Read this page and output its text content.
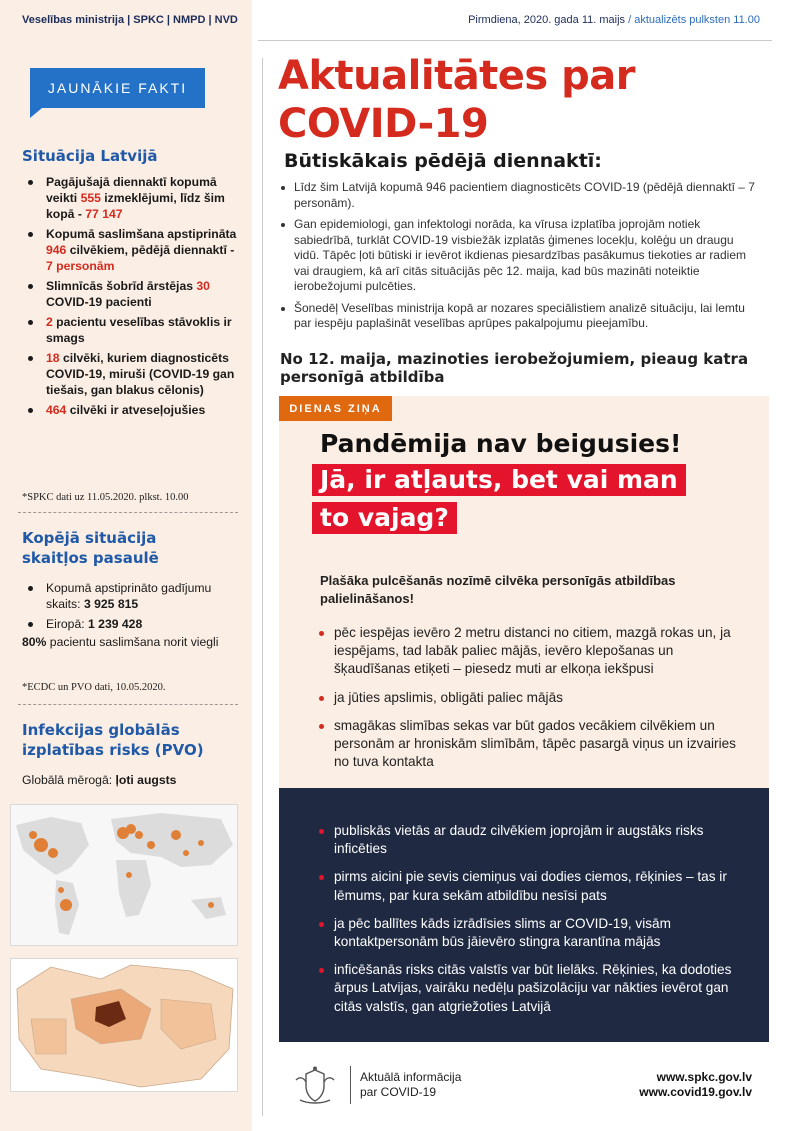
Veselības ministrija | SPKC | NMPD | NVD	Pirmdiena, 2020. gada 11. maijs / aktualizēts pulksten 11.00
JAUNĀKIE FAKTI
Situācija Latvijā
Pagājušajā diennaktī kopumā veikti 555 izmeklējumi, līdz šim kopā - 77 147
Kopumā saslimšana apstiprināta 946 cilvēkiem, pēdējā diennaktī - 7 personām
Slimnīcās šobrīd ārstējas 30 COVID-19 pacienti
2 pacientu veselības stāvoklis ir smags
18 cilvēki, kuriem diagnosticēts COVID-19, miruši (COVID-19 gan tiešais, gan blakus cēlonis)
464 cilvēki ir atveseļojušies
*SPKC dati uz 11.05.2020. plkst. 10.00
Kopējā situācija
skaitļos pasaulē
Kopumā apstiprināto gadījumu skaits: 3 925 815
Eiropā: 1 239 428
80% pacientu saslimšana norit viegli
*ECDC un PVO dati, 10.05.2020.
Infekcijas globālās
izplatības risks (PVO)
Globālā mērogā: ļoti augsts
Aktualitātes par
COVID-19
Būtiskākais pēdējā diennaktī:
Līdz šim Latvijā kopumā 946 pacientiem diagnosticēts COVID-19 (pēdējā diennaktī – 7 personām).
Gan epidemiologi, gan infektologi norāda, ka vīrusa izplatība joprojām notiek sabiedrībā, turklāt COVID-19 visbiežāk izplatās ģimenes locekļu, kolēģu un draugu vidū. Tāpēc ļoti būtiski ir ievērot ikdienas piesardzības pasākumus tiekoties ar radiem vai draugiem, kā arī citās situācijās pēc 12. maija, kad būs mazināti noteiktie ierobežojumi pulcēties.
Šonedēļ Veselības ministrija kopā ar nozares speciālistiem analizē situāciju, lai lemtu par iespēju paplašināt veselības aprūpes pakalpojumu pieejamību.
No 12. maija, mazinoties ierobežojumiem, pieaug katra personīgā atbildība
DIENAS ZIŅA
Pandēmija nav beigusies!
Jā, ir atļauts, bet vai man
to vajag?
Plašāka pulcēšanās nozīmē cilvēka personīgās atbildības palielināšanos!
pēc iespējas ievēro 2 metru distanci no citiem, mazgā rokas un, ja iespējams, tad labāk paliec mājās, ievēro klepošanas un šķaudīšanas etiķeti – piesedz muti ar elkoņa iekšpusi
ja jūties apslimis, obligāti paliec mājās
smagākas slimības sekas var būt gados vecākiem cilvēkiem un personām ar hroniskām slimībām, tāpēc pasargā viņus un izvairies no tuva kontakta
publiskās vietās ar daudz cilvēkiem joprojām ir augstāks risks inficēties
pirms aicini pie sevis ciemiņus vai dodies ciemos, rēķinies – tas ir lēmums, par kura sekām atbildību nesīsi pats
ja pēc ballītes kāds izrādīsies slims ar COVID-19, visām kontaktpersonām būs jāievēro stingra karantīna mājās
inficēšanās risks citās valstīs var būt lielāks. Rēķinies, ka dodoties ārpus Latvijas, vairāku nedēļu pašizolāciju var nākties ievērot gan citās valstīs, gan atgriežoties Latvijā
Aktuālā informācija
par COVID-19
www.spkc.gov.lv
www.covid19.gov.lv
